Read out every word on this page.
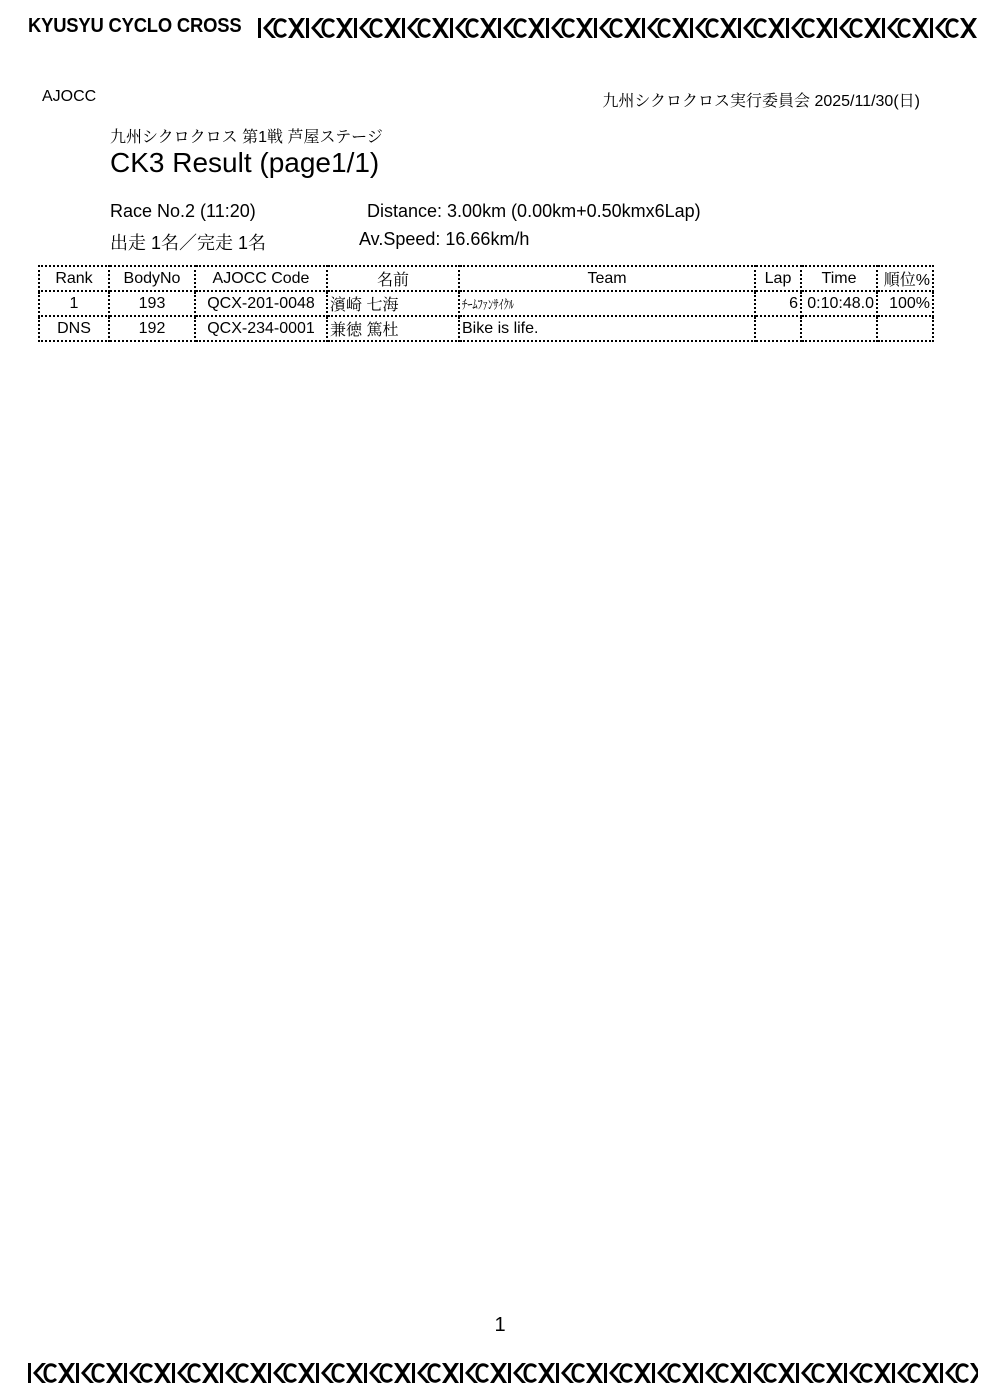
KYUSYU CYCLO CROSS
AJOCC	九州シクロクロス実行委員会 2025/11/30(日)
九州シクロクロス 第1戦 芦屋ステージ
CK3 Result (page1/1)
Race No.2 (11:20)	Distance: 3.00km (0.00km+0.50kmx6Lap)
出走 1名／完走 1名	Av.Speed: 16.66km/h
Rank	BodyNo	AJOCC Code	名前	Team	Lap	Time	順位%
1	193	QCX-201-0048	濱崎 七海	ﾁｰﾑﾌｧﾝｻｲｸﾙ	6	0:10:48.0	100%
DNS	192	QCX-234-0001	兼徳 篤杜	Bike is life.			
1
